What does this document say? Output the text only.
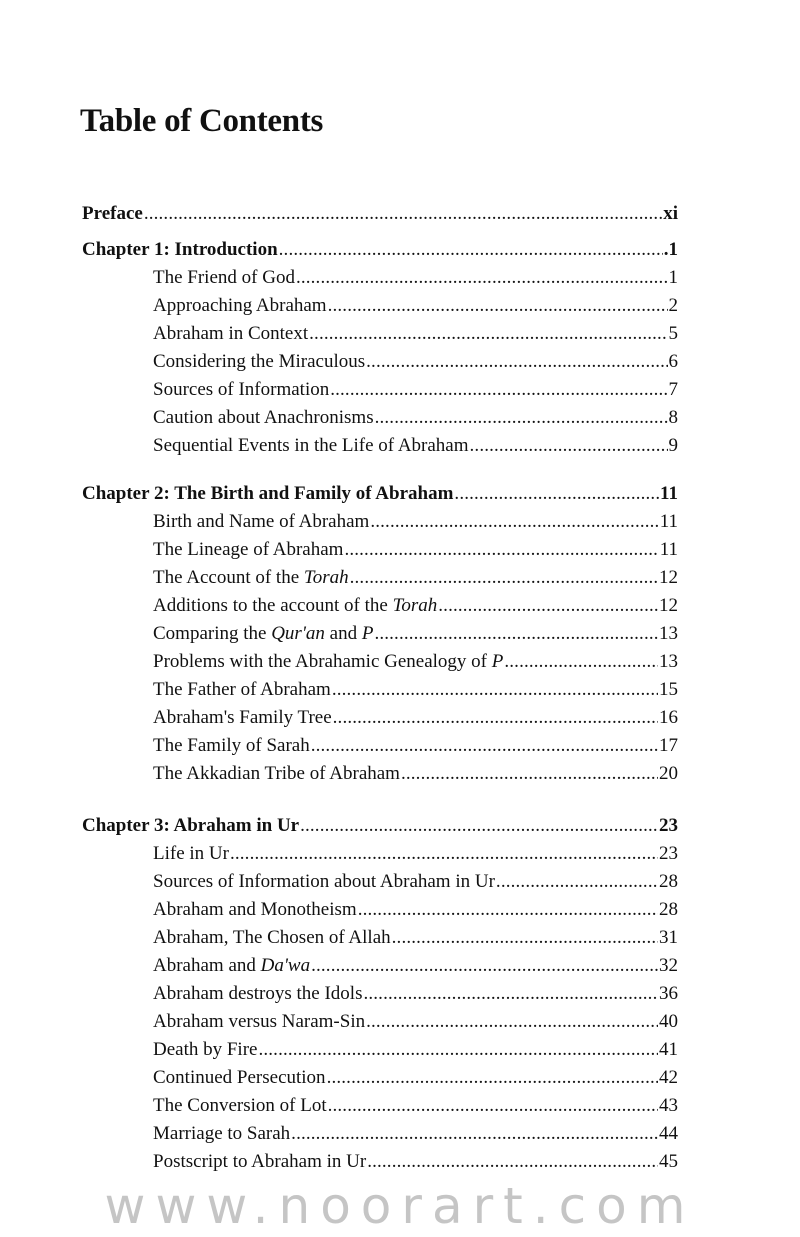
Table of Contents
Preface . . .	xi
Chapter 1: Introduction . . .	.1
The Friend of God . . .	1
Approaching Abraham . . .	2
Abraham in Context . . .	5
Considering the Miraculous . . .	6
Sources of Information . . .	7
Caution about Anachronisms . . .	8
Sequential Events in the Life of Abraham . . .	9
Chapter 2: The Birth and Family of Abraham . . .	11
Birth and Name of Abraham . . .	11
The Lineage of Abraham . . .	11
The Account of the Torah . . .	12
Additions to the account of the Torah . . .	12
Comparing the Qur'an and P . . .	13
Problems with the Abrahamic Genealogy of P . . .	13
The Father of Abraham . . .	15
Abraham's Family Tree . . .	16
The Family of Sarah . . .	17
The Akkadian Tribe of Abraham . . .	20
Chapter 3: Abraham in Ur . . .	23
Life in Ur . . .	23
Sources of Information about Abraham in Ur . . .	28
Abraham and Monotheism . . .	28
Abraham, The Chosen of Allah . . .	31
Abraham and Da'wa . . .	32
Abraham destroys the Idols . . .	36
Abraham versus Naram-Sin . . .	40
Death by Fire . . .	41
Continued Persecution . . .	42
The Conversion of Lot . . .	43
Marriage to Sarah . . .	44
Postscript to Abraham in Ur . . .	45
www.noorart.com
